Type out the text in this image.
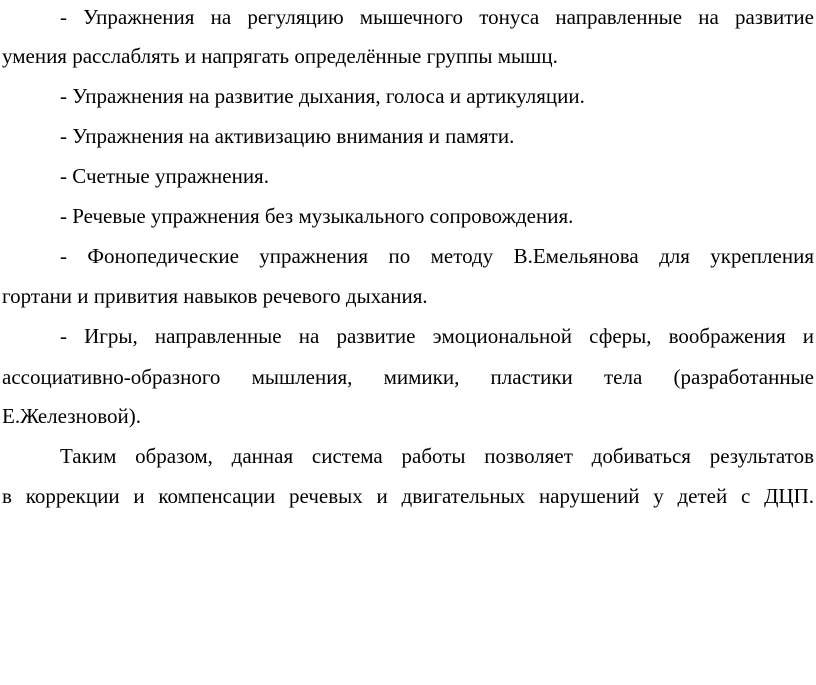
- Упражнения на регуляцию мышечного тонуса направленные на развитие
умения расслаблять и напрягать определённые группы мышц.
- Упражнения на развитие дыхания, голоса и артикуляции.
- Упражнения на активизацию внимания и памяти.
- Счетные упражнения.
- Речевые упражнения без музыкального сопровождения.
- Фонопедические упражнения по методу В.Емельянова для укрепления
гортани и привития навыков речевого дыхания.
- Игры, направленные на развитие эмоциональной сферы, воображения и
ассоциативно-образного мышления, мимики, пластики тела (разработанные
Е.Железновой).
Таким образом, данная система работы позволяет добиваться результатов
в коррекции и компенсации речевых и двигательных нарушений у детей с ДЦП.
